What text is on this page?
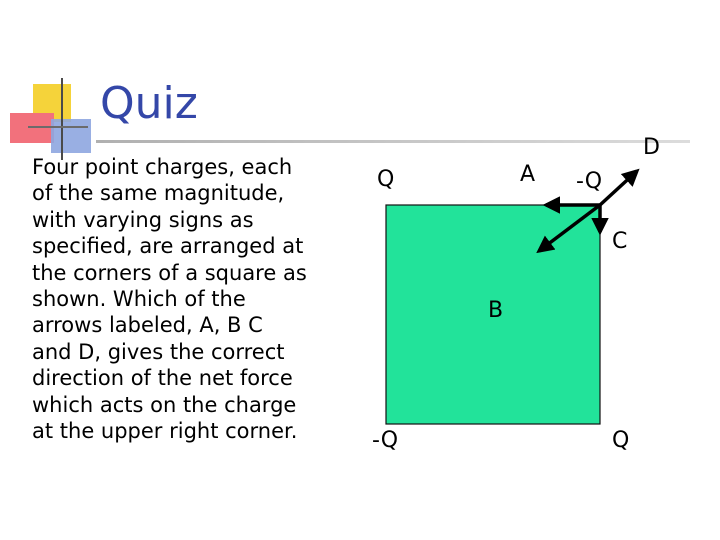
Quiz
Four point charges, each
of the same magnitude,
with varying signs as
specified, are arranged at
the corners of a square as
shown. Which of the
arrows labeled, A, B C
and D, gives the correct
direction of the net force
which acts on the charge
at the upper right corner.
Q	-Q
-Q	Q
A
B
C
D
